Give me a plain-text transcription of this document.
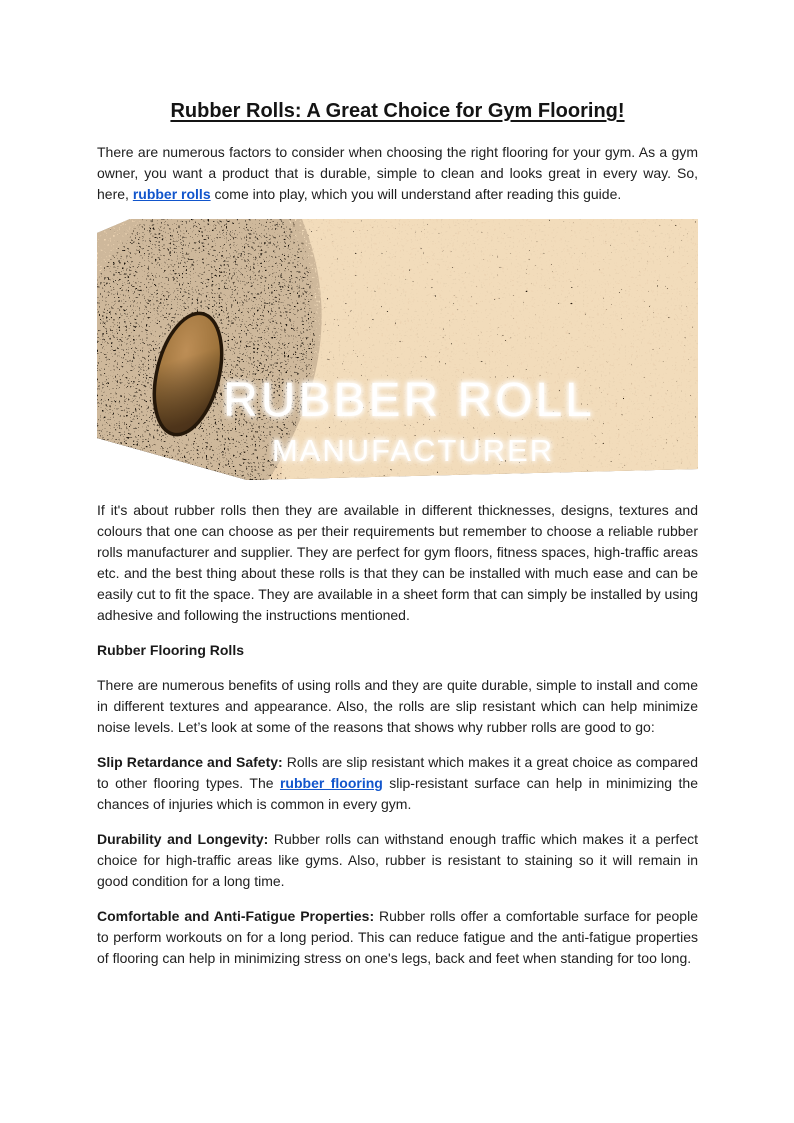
Rubber Rolls: A Great Choice for Gym Flooring!

There are numerous factors to consider when choosing the right flooring for your gym. As a gym owner, you want a product that is durable, simple to clean and looks great in every way. So, here, rubber rolls come into play, which you will understand after reading this guide.

RUBBER ROLL
MANUFACTURER

If it's about rubber rolls then they are available in different thicknesses, designs, textures and colours that one can choose as per their requirements but remember to choose a reliable rubber rolls manufacturer and supplier. They are perfect for gym floors, fitness spaces, high-traffic areas etc. and the best thing about these rolls is that they can be installed with much ease and can be easily cut to fit the space. They are available in a sheet form that can simply be installed by using adhesive and following the instructions mentioned.

Rubber Flooring Rolls

There are numerous benefits of using rolls and they are quite durable, simple to install and come in different textures and appearance. Also, the rolls are slip resistant which can help minimize noise levels. Let’s look at some of the reasons that shows why rubber rolls are good to go:

Slip Retardance and Safety: Rolls are slip resistant which makes it a great choice as compared to other flooring types. The rubber flooring slip-resistant surface can help in minimizing the chances of injuries which is common in every gym.

Durability and Longevity: Rubber rolls can withstand enough traffic which makes it a perfect choice for high-traffic areas like gyms. Also, rubber is resistant to staining so it will remain in good condition for a long time.

Comfortable and Anti-Fatigue Properties: Rubber rolls offer a comfortable surface for people to perform workouts on for a long period. This can reduce fatigue and the anti-fatigue properties of flooring can help in minimizing stress on one's legs, back and feet when standing for too long.
